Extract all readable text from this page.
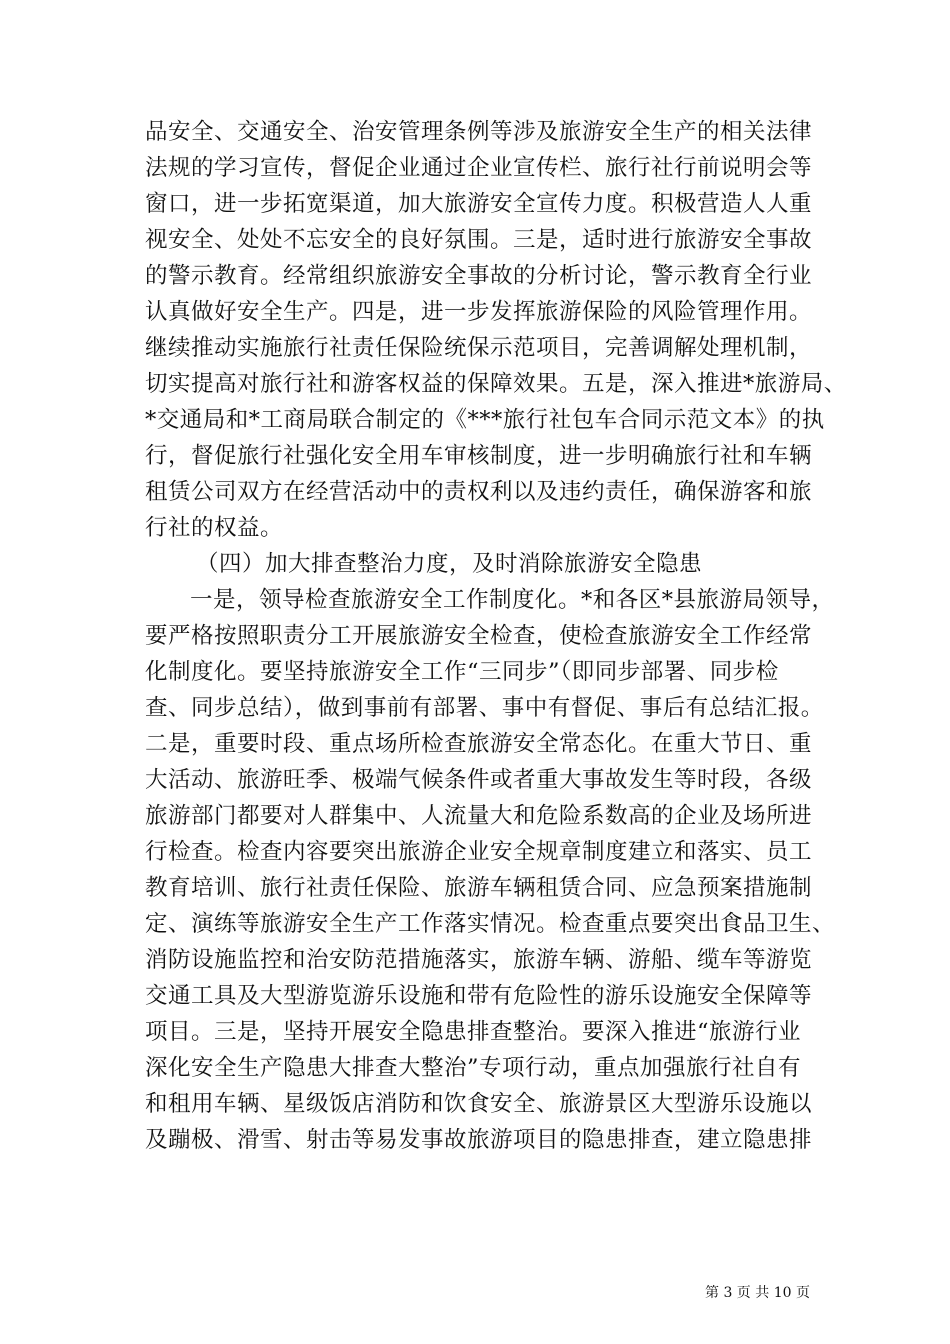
品安全、交通安全、治安管理条例等涉及旅游安全生产的相关法律
法规的学习宣传，督促企业通过企业宣传栏、旅行社行前说明会等
窗口，进一步拓宽渠道，加大旅游安全宣传力度。积极营造人人重
视安全、处处不忘安全的良好氛围。三是，适时进行旅游安全事故
的警示教育。经常组织旅游安全事故的分析讨论，警示教育全行业
认真做好安全生产。四是，进一步发挥旅游保险的风险管理作用。
继续推动实施旅行社责任保险统保示范项目，完善调解处理机制，
切实提高对旅行社和游客权益的保障效果。五是，深入推进*旅游局、
*交通局和*工商局联合制定的《***旅行社包车合同示范文本》的执
行，督促旅行社强化安全用车审核制度，进一步明确旅行社和车辆
租赁公司双方在经营活动中的责权利以及违约责任，确保游客和旅
行社的权益。
（四）加大排查整治力度，及时消除旅游安全隐患
一是，领导检查旅游安全工作制度化。*和各区*县旅游局领导，
要严格按照职责分工开展旅游安全检查，使检查旅游安全工作经常
化制度化。要坚持旅游安全工作“三同步”（即同步部署、同步检
查、同步总结），做到事前有部署、事中有督促、事后有总结汇报。
二是，重要时段、重点场所检查旅游安全常态化。在重大节日、重
大活动、旅游旺季、极端气候条件或者重大事故发生等时段，各级
旅游部门都要对人群集中、人流量大和危险系数高的企业及场所进
行检查。检查内容要突出旅游企业安全规章制度建立和落实、员工
教育培训、旅行社责任保险、旅游车辆租赁合同、应急预案措施制
定、演练等旅游安全生产工作落实情况。检查重点要突出食品卫生、
消防设施监控和治安防范措施落实，旅游车辆、游船、缆车等游览
交通工具及大型游览游乐设施和带有危险性的游乐设施安全保障等
项目。三是，坚持开展安全隐患排查整治。要深入推进“旅游行业
深化安全生产隐患大排查大整治”专项行动，重点加强旅行社自有
和租用车辆、星级饭店消防和饮食安全、旅游景区大型游乐设施以
及蹦极、滑雪、射击等易发事故旅游项目的隐患排查，建立隐患排
第 3 页 共 10 页
